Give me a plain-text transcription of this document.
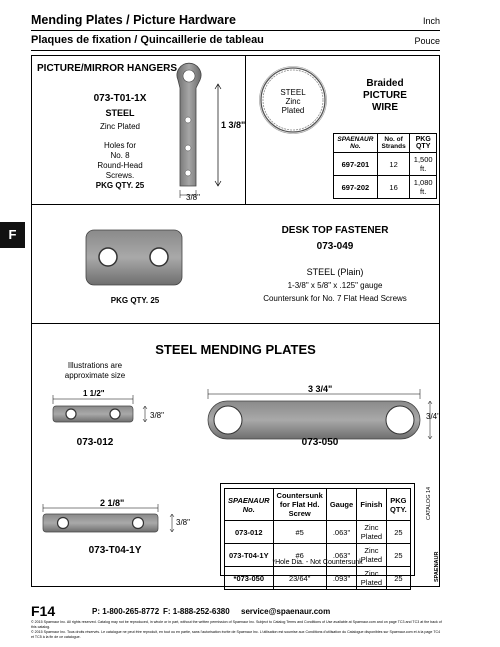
Mending Plates / Picture Hardware	Inch
Plaques de fixation / Quincaillerie de tableau	Pouce
F
PICTURE/MIRROR HANGERS
073-T01-1X
STEEL
Zinc Plated
Holes for
No. 8
Round-Head
Screws.
PKG QTY. 25
1 3/8"
3/8"
STEEL
Zinc
Plated
Braided
PICTURE
WIRE
SPAENAUR No.	No. of Strands	PKG QTY
697-201	12	1,500 ft.
697-202	16	1,080 ft.
PKG QTY. 25
DESK TOP FASTENER
073-049
STEEL (Plain)
1-3/8" x 5/8" x .125" gauge
Countersunk for No. 7 Flat Head Screws
STEEL MENDING PLATES
Illustrations are
approximate size
1 1/2"
3/8"
073-012
3 3/4"
3/4"
073-050
2 1/8"
3/8"
073-T04-1Y
SPAENAUR No.	Countersunk for Flat Hd. Screw	Gauge	Finish	PKG QTY.
073-012	#5	.063"	Zinc Plated	25
073-T04-1Y	#6	.063"	Zinc Plated	25
*073-050	23/64"	.093"	Zinc Plated	25
*Hole Dia. - Not Countersunk
CATALOG 14
SPAENAUR
F14	P: 1-800-265-8772 F: 1-888-252-6380 service@spaenaur.com
© 2015 Spaenaur Inc. All rights reserved. Catalog may not be reproduced, in whole or in part, without the written permission of Spaenaur Inc. Subject to Catalog Terms and Conditions of Use available at Spaenaur.com and on page TC3 and TC3 at the back of this catalog.
© 2015 Spaenaur Inc. Tous droits réservés. Le catalogue ne peut être reproduit, en tout ou en partie, sans l'autorisation écrite de Spaenaur Inc. L'utilisation est soumise aux Conditions d'utilisation du Catalogue disponibles sur Spaenaur.com et à la page TC4 et TC5 à la fin de ce catalogue.
